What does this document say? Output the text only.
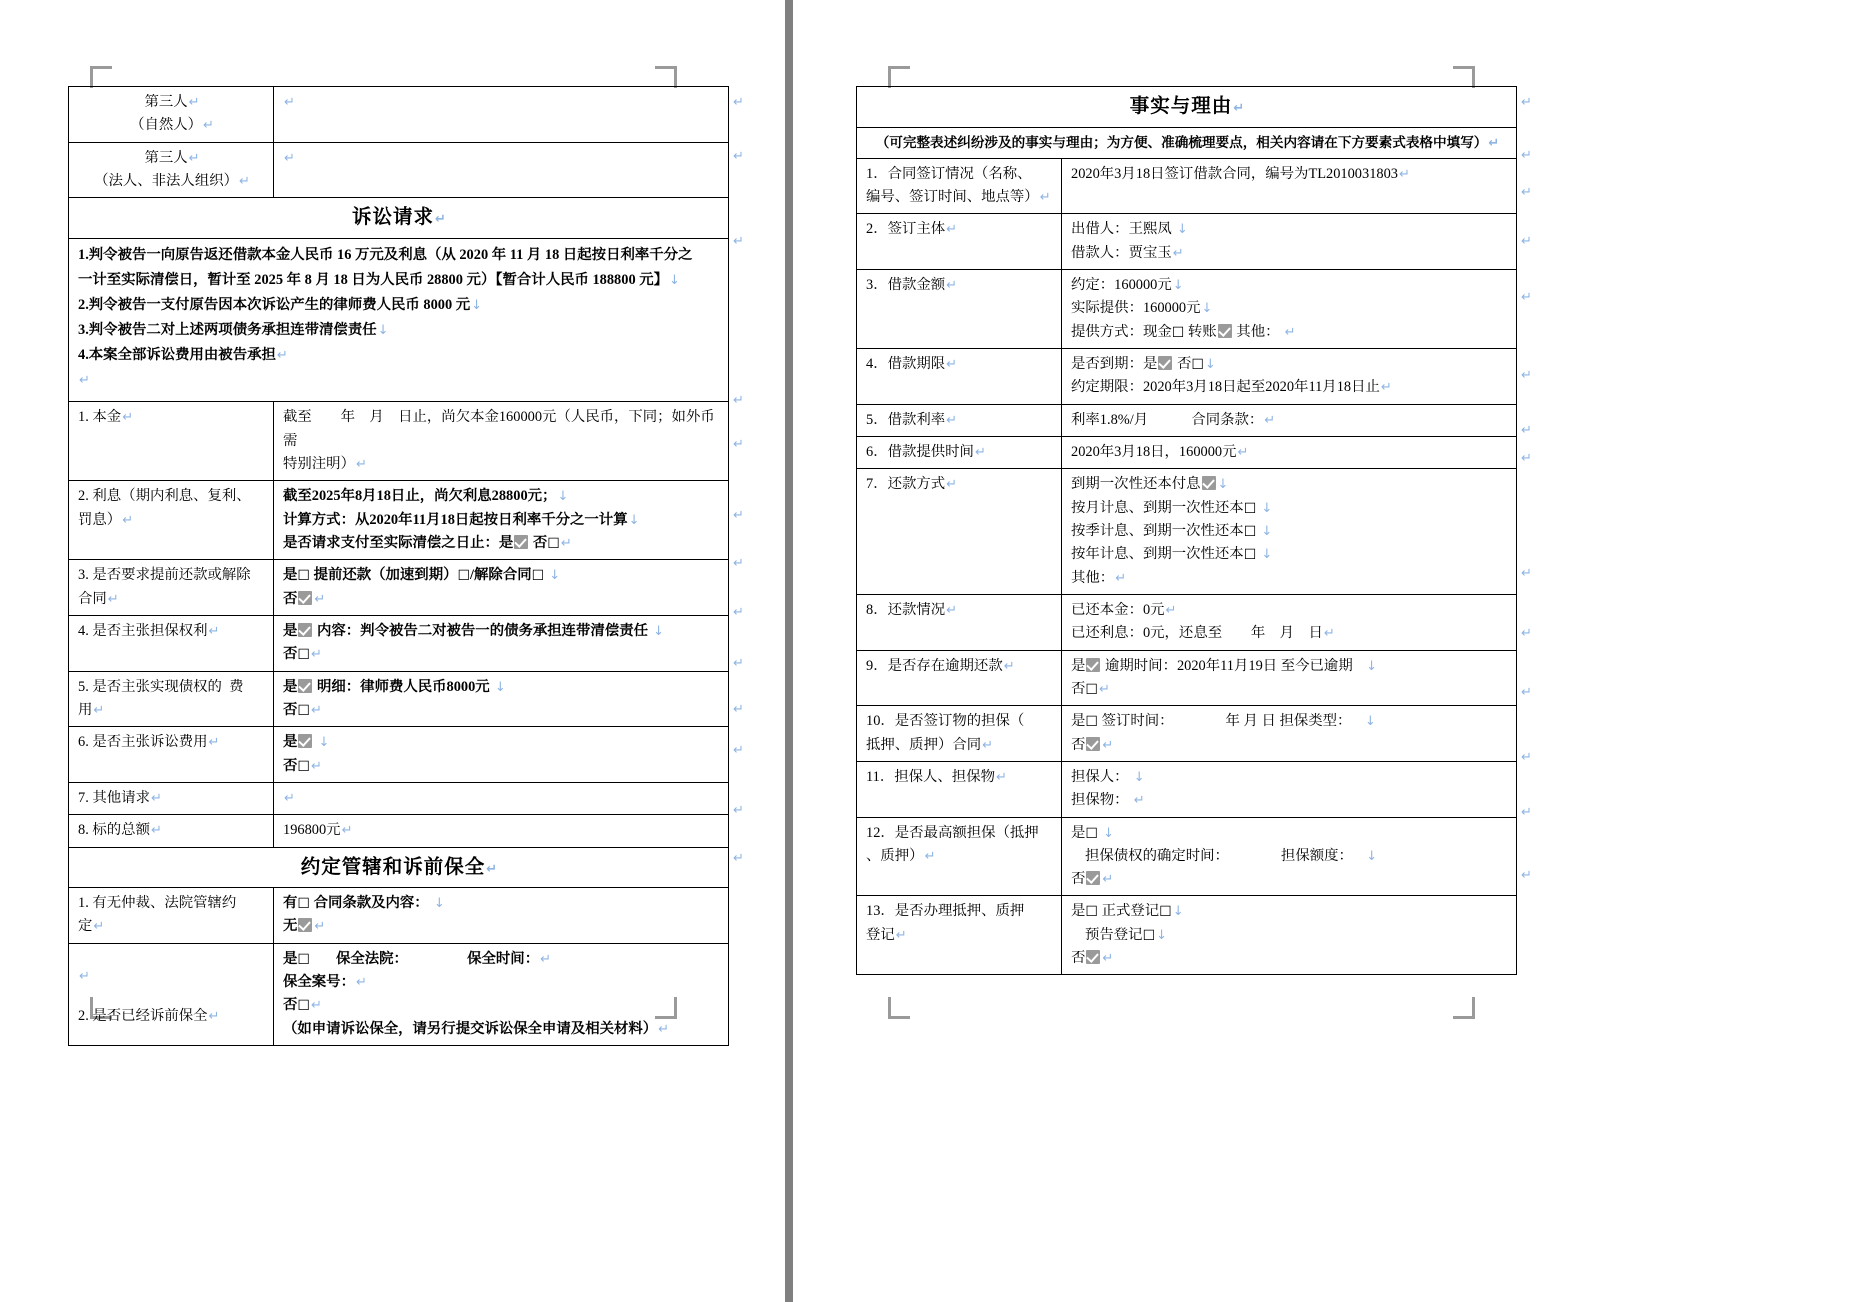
第三人↵
（自然人）↵	↵

第三人↵
（法人、非法人组织）↵	↵

诉讼请求↵	
1.判令被告一向原告返还借款本金人民币 16 万元及利息（从 2020 年 11 月 18 日起按日利率千分之
一计至实际清偿日，暂计至 2025 年 8 月 18 日为人民币 28800 元）【暂合计人民币 188800 元】↓
2.判令被告一支付原告因本次诉讼产生的律师费人民币 8000 元↓
3.判令被告二对上述两项债务承担连带清偿责任↓
4.本案全部诉讼费用由被告承担↵
↵
1. 本金↵	截至　　年　月　日止，尚欠本金160000元（人民币，下同；如外币需
特别注明）↵
2. 利息（期内利息、复利、
罚息）↵	截至2025年8月18日止，尚欠利息28800元；↓
计算方式：从2020年11月18日起按日利率千分之一计算↓
是否请求支付至实际清偿之日止：是 否 ☐ ↵
3. 是否要求提前还款或解除
合同↵	是☐ 提前还款（加速到期） ☐ /解除合同☐ ↓
否 ↵
4. 是否主张担保权利↵	是 内容：判令被告二对被告一的债务承担连带清偿责任 ↓
否 ☐ ↵
5. 是否主张实现债权的  费
用↵	是 明细：律师费人民币8000元 ↓
否 ☐ ↵
6. 是否主张诉讼费用↵	是 ↓
否 ☐ ↵
7. 其他请求↵	↵
8. 标的总额↵	196800元↵
约定管辖和诉前保全↵	
1. 有无仲裁、法院管辖约
定↵	有☐ 合同条款及内容： ↓
无 ↵

↵
2. 是否已经诉前保全↵	是 ☐ 保全法院： 保全时间：↵
保全案号：↵
否 ☐ ↵
（如申请诉讼保全，请另行提交诉讼保全申请及相关材料）↵
↵
↵
↵
↵
↵
↵
↵
↵
↵
↵
↵
↵
↵
事实与理由↵	
（可完整表述纠纷涉及的事实与理由；为方便、准确梳理要点，相关内容请在下方要素式表格中填写）↵	
1．合同签订情况（名称、
编号、签订时间、地点等）↵	2020年3月18日签订借款合同，编号为TL2010031803↵
2．签订主体↵	出借人：王熙凤 ↓
借款人：贾宝玉↵
3．借款金额↵	约定：160000元↓
实际提供：160000元↓
提供方式：现金☐ 转账 其他： ↵
4．借款期限↵	是否到期：是 否 ☐ ↓
约定期限：2020年3月18日起至2020年11月18日止↵
5．借款利率↵	利率1.8%/月　　　合同条款：↵
6．借款提供时间↵	2020年3月18日，160000元↵
7．还款方式↵	到期一次性还本付息 ↓
按月计息、到期一次性还本☐ ↓
按季计息、到期一次性还本☐ ↓
按年计息、到期一次性还本☐ ↓
其他：↵
8．还款情况↵	已还本金：0元↵
已还利息：0元，还息至　　年　月　日↵
9．是否存在逾期还款↵	是 逾期时间：2020年11月19日 至今已逾期   ↓
否 ☐ ↵
10．是否签订物的担保（
抵押、质押）合同↵	是☐ 签订时间： 年 月 日 担保类型：   ↓
否 ↵
11．担保人、担保物↵	担保人： ↓
担保物： ↵
12．是否最高额担保（抵押
、质押）↵	是☐ ↓
担保债权的确定时间： 担保额度：   ↓
否 ↵
13．是否办理抵押、质押
登记↵	是☐ 正式登记 ☐ ↓
预告登记 ☐ ↓
否 ↵
↵
↵
↵
↵
↵
↵
↵
↵
↵
↵
↵
↵
↵
↵
